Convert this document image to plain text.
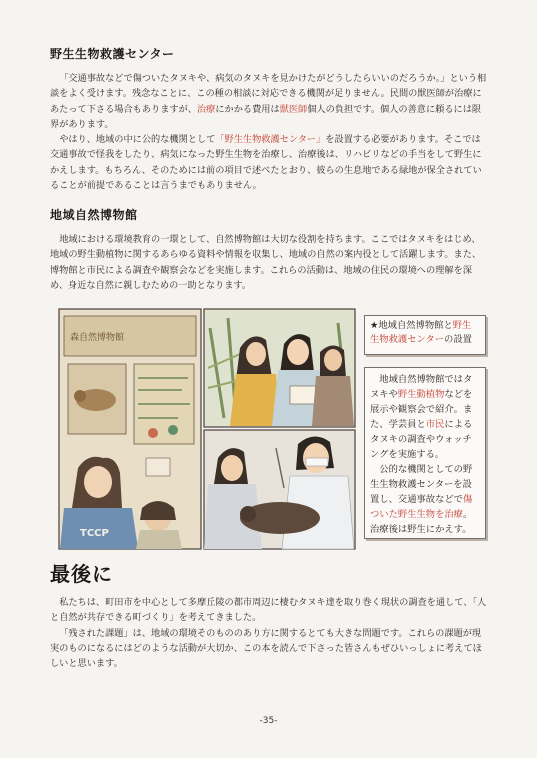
野生生物救護センター

「交通事故などで傷ついたタヌキや、病気のタヌキを見かけたがどうしたらいいのだろうか。」という相談をよく受けます。残念なことに、この種の相談に対応できる機関が足りません。民間の獣医師が治療にあたって下さる場合もありますが、治療にかかる費用は獣医師個人の負担です。個人の善意に頼るには限界があります。

やはり、地域の中に公的な機関として「野生生物救護センター」を設置する必要があります。そこでは交通事故で怪我をしたり、病気になった野生生物を治療し、治療後は、リハビリなどの手当をして野生にかえします。もちろん、そのためには前の項目で述べたとおり、彼らの生息地である緑地が保全されていることが前提であることは言うまでもありません。

地域自然博物館

地域における環境教育の一環として、自然博物館は大切な役割を持ちます。ここではタヌキをはじめ、地域の野生動植物に関するあらゆる資料や情報を収集し、地域の自然の案内役として活躍します。また、博物館と市民による調査や観察会などを実施します。これらの活動は、地域の住民の環境への理解を深め、身近な自然に親しむための一助となります。

森自然博物館
TCCP
★地域自然博物館と野生生物救護センターの設置

地域自然博物館ではタヌキや野生動植物などを展示や観察会で紹介。また、学芸員と市民によるタヌキの調査やウォッチングを実施する。

公的な機関としての野生生物救護センターを設置し、交通事故などで傷ついた野生生物を治療。治療後は野生にかえす。

最後に

私たちは、町田市を中心として多摩丘陵の都市周辺に棲むタヌキ達を取り巻く現状の調査を通して、「人と自然が共存できる町づくり」を考えてきました。

「残された課題」は、地域の環境そのもののあり方に関するとても大きな問題です。これらの課題が現実のものになるにはどのような活動が大切か、この本を読んで下さった皆さんもぜひいっしょに考えてほしいと思います。

-35-
